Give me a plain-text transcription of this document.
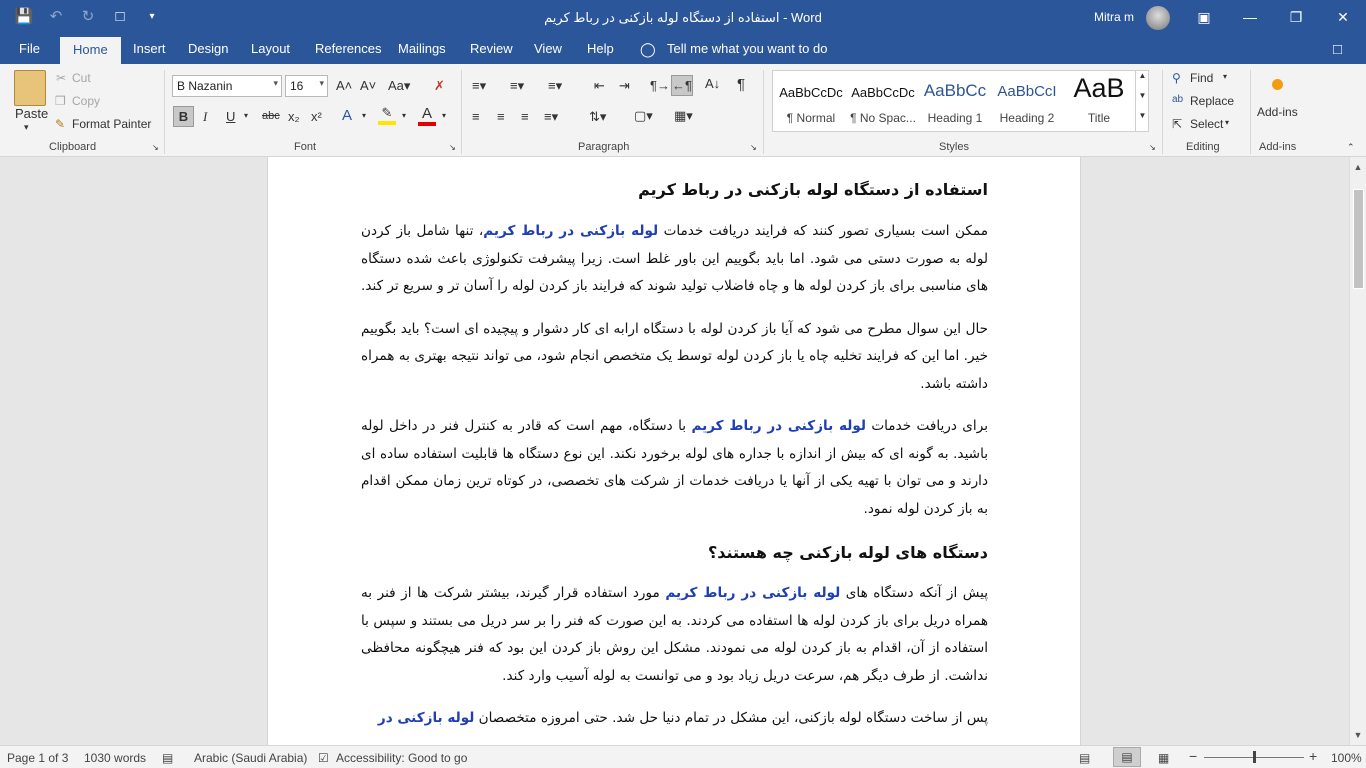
💾 ↶ ↻	□	▾	استفاده از دستگاه لوله بازکنی در رباط کریم - Word	Mitra m	▣	—	❐	✕
File	Home	Insert Design Layout References Mailings Review View Help ◯ Tell me what you want to do	□
Paste
▾
✂ Cut
❐ Copy
✎ Format Painter
Clipboard	↘
B Nazanin	▾	16 ▾ A˄ A˅ Aa▾ ✗
B	I U ▾ abc x₂ x² A ▾ ✎	▾ A	▾
Font	↘
≡▾ ≡▾ ≡▾ ⇤ ⇥ ¶→ ←¶ A↓ ¶
≡ ≡ ≡ ≡▾ ⇅▾ ▢▾ ▦▾
Paragraph	↘
AaBbCcDc
¶ Normal
AaBbCcDc
¶ No Spac...
AaBbCc
Heading 1
AaBbCcI
Heading 2
AaB
Title
▲
▼
▼
Styles	↘
⚲ Find ▾
ab Replace
⇱ Select ▾
Editing
Add-ins
Add-ins	⌃
استفاده از دستگاه لوله بازکنی در رباط کریم

ممکن است بسیاری تصور کنند که فرایند دریافت خدمات لوله بازکنی در رباط کریم، تنها شامل باز کردن لوله به صورت دستی می شود. اما باید بگوییم این باور غلط است. زیرا پیشرفت تکنولوژی باعث شده دستگاه های مناسبی برای باز کردن لوله ها و چاه فاضلاب تولید شوند که فرایند باز کردن لوله را آسان تر و سریع تر کند.

حال این سوال مطرح می شود که آیا باز کردن لوله با دستگاه ارابه ای کار دشوار و پیچیده ای است؟ باید بگوییم خیر. اما این که فرایند تخلیه چاه یا باز کردن لوله توسط یک متخصص انجام شود، می تواند نتیجه بهتری به همراه داشته باشد.

برای دریافت خدمات لوله بازکنی در رباط کریم با دستگاه، مهم است که قادر به کنترل فنر در داخل لوله باشید. به گونه ای که بیش از اندازه با جداره های لوله برخورد نکند. این نوع دستگاه ها قابلیت استفاده ساده ای دارند و می توان با تهیه یکی از آنها یا دریافت خدمات از شرکت های تخصصی، در کوتاه ترین زمان ممکن اقدام به باز کردن لوله نمود.

دستگاه های لوله بازکنی چه هستند؟

پیش از آنکه دستگاه های لوله بازکنی در رباط کریم مورد استفاده قرار گیرند، بیشتر شرکت ها از فنر به همراه دریل برای باز کردن لوله ها استفاده می کردند. به این صورت که فنر را بر سر دریل می بستند و سپس با استفاده از آن، اقدام به باز کردن لوله می نمودند. مشکل این روش باز کردن این بود که فنر هیچگونه محافظی نداشت. از طرف دیگر هم، سرعت دریل زیاد بود و می توانست به لوله آسیب وارد کند.

پس از ساخت دستگاه لوله بازکنی، این مشکل در تمام دنیا حل شد. حتی امروزه متخصصان لوله بازکنی در

▲
▼
Page 1 of 3 1030 words ▤ Arabic (Saudi Arabia) ☑ Accessibility: Good to go	▤	▤	▦ −	+ 100%
